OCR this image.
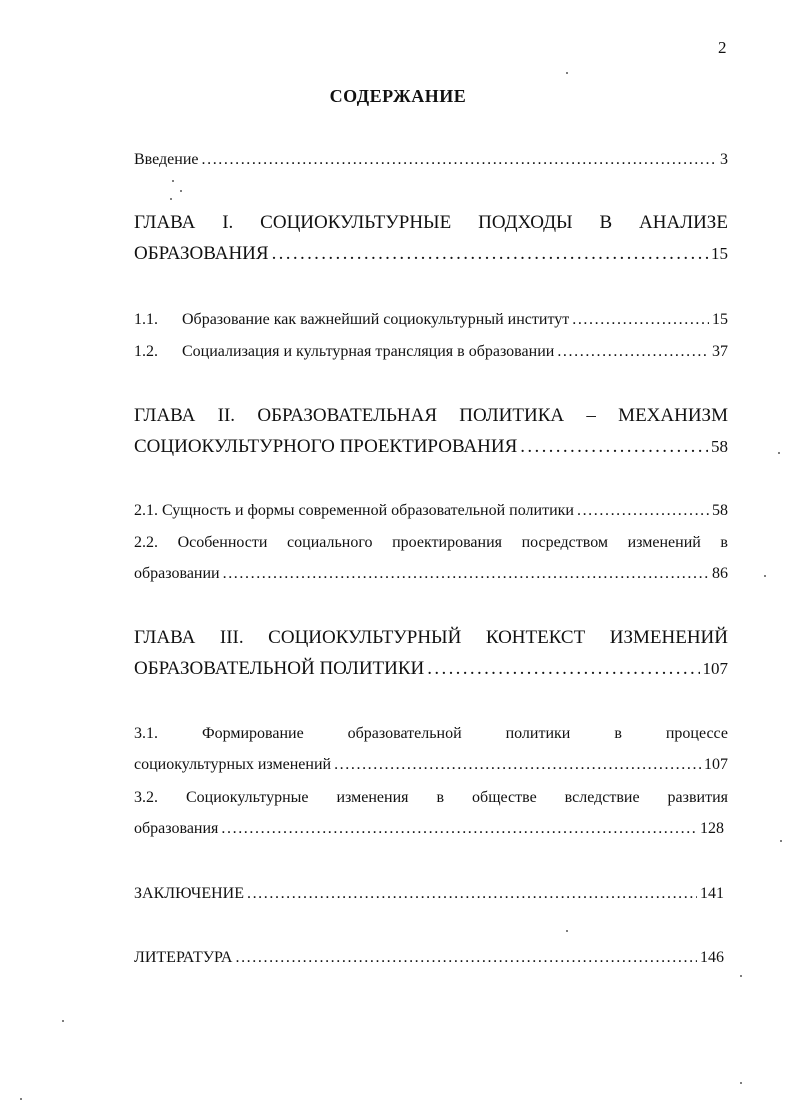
2
СОДЕРЖАНИЕ
Введение . . .	3
ГЛАВА I. СОЦИОКУЛЬТУРНЫЕ ПОДХОДЫ В АНАЛИЗЕ
ОБРАЗОВАНИЯ . . .	15
1.1. Образование как важнейший социокультурный институт . . .	15
1.2. Социализация и культурная трансляция в образовании . . .	37
ГЛАВА II. ОБРАЗОВАТЕЛЬНАЯ ПОЛИТИКА – МЕХАНИЗМ
СОЦИОКУЛЬТУРНОГО ПРОЕКТИРОВАНИЯ . . .	58
2.1. Сущность и формы современной образовательной политики . . .	58
2.2. Особенности социального проектирования посредством изменений в
образовании . . .	86
ГЛАВА III. СОЦИОКУЛЬТУРНЫЙ КОНТЕКСТ ИЗМЕНЕНИЙ
ОБРАЗОВАТЕЛЬНОЙ ПОЛИТИКИ . . .	107
3.1.	Формирование	образовательной	политики	в	процессе
социокультурных изменений . . .	107
3.2. Социокультурные изменения в обществе вследствие развития
образования . . .	128
ЗАКЛЮЧЕНИЕ . . .	141
ЛИТЕРАТУРА . . .	146
